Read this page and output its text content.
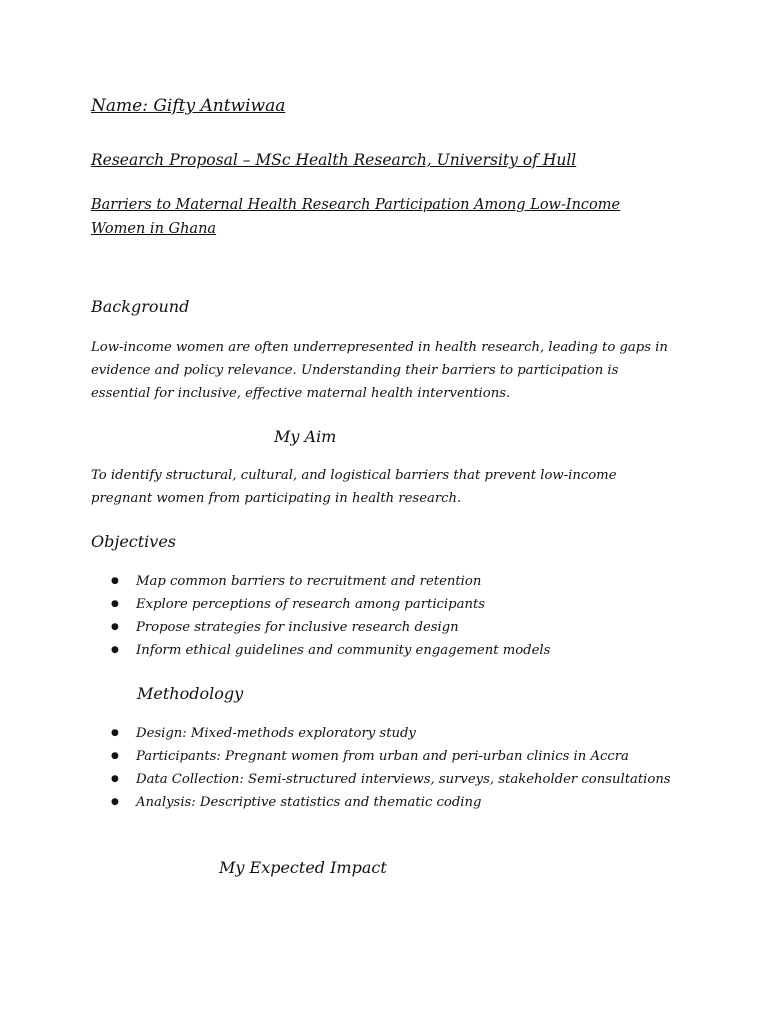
Name: Gifty Antwiwaa

Research Proposal – MSc Health Research, University of Hull

Barriers to Maternal Health Research Participation Among Low-Income Women in Ghana

Background

Low-income women are often underrepresented in health research, leading to gaps in evidence and policy relevance. Understanding their barriers to participation is essential for inclusive, effective maternal health interventions.

My Aim

To identify structural, cultural, and logistical barriers that prevent low-income pregnant women from participating in health research.

Objectives

● Map common barriers to recruitment and retention
● Explore perceptions of research among participants
● Propose strategies for inclusive research design
● Inform ethical guidelines and community engagement models

Methodology

● Design: Mixed-methods exploratory study
● Participants: Pregnant women from urban and peri-urban clinics in Accra
● Data Collection: Semi-structured interviews, surveys, stakeholder consultations
● Analysis: Descriptive statistics and thematic coding

My Expected Impact
